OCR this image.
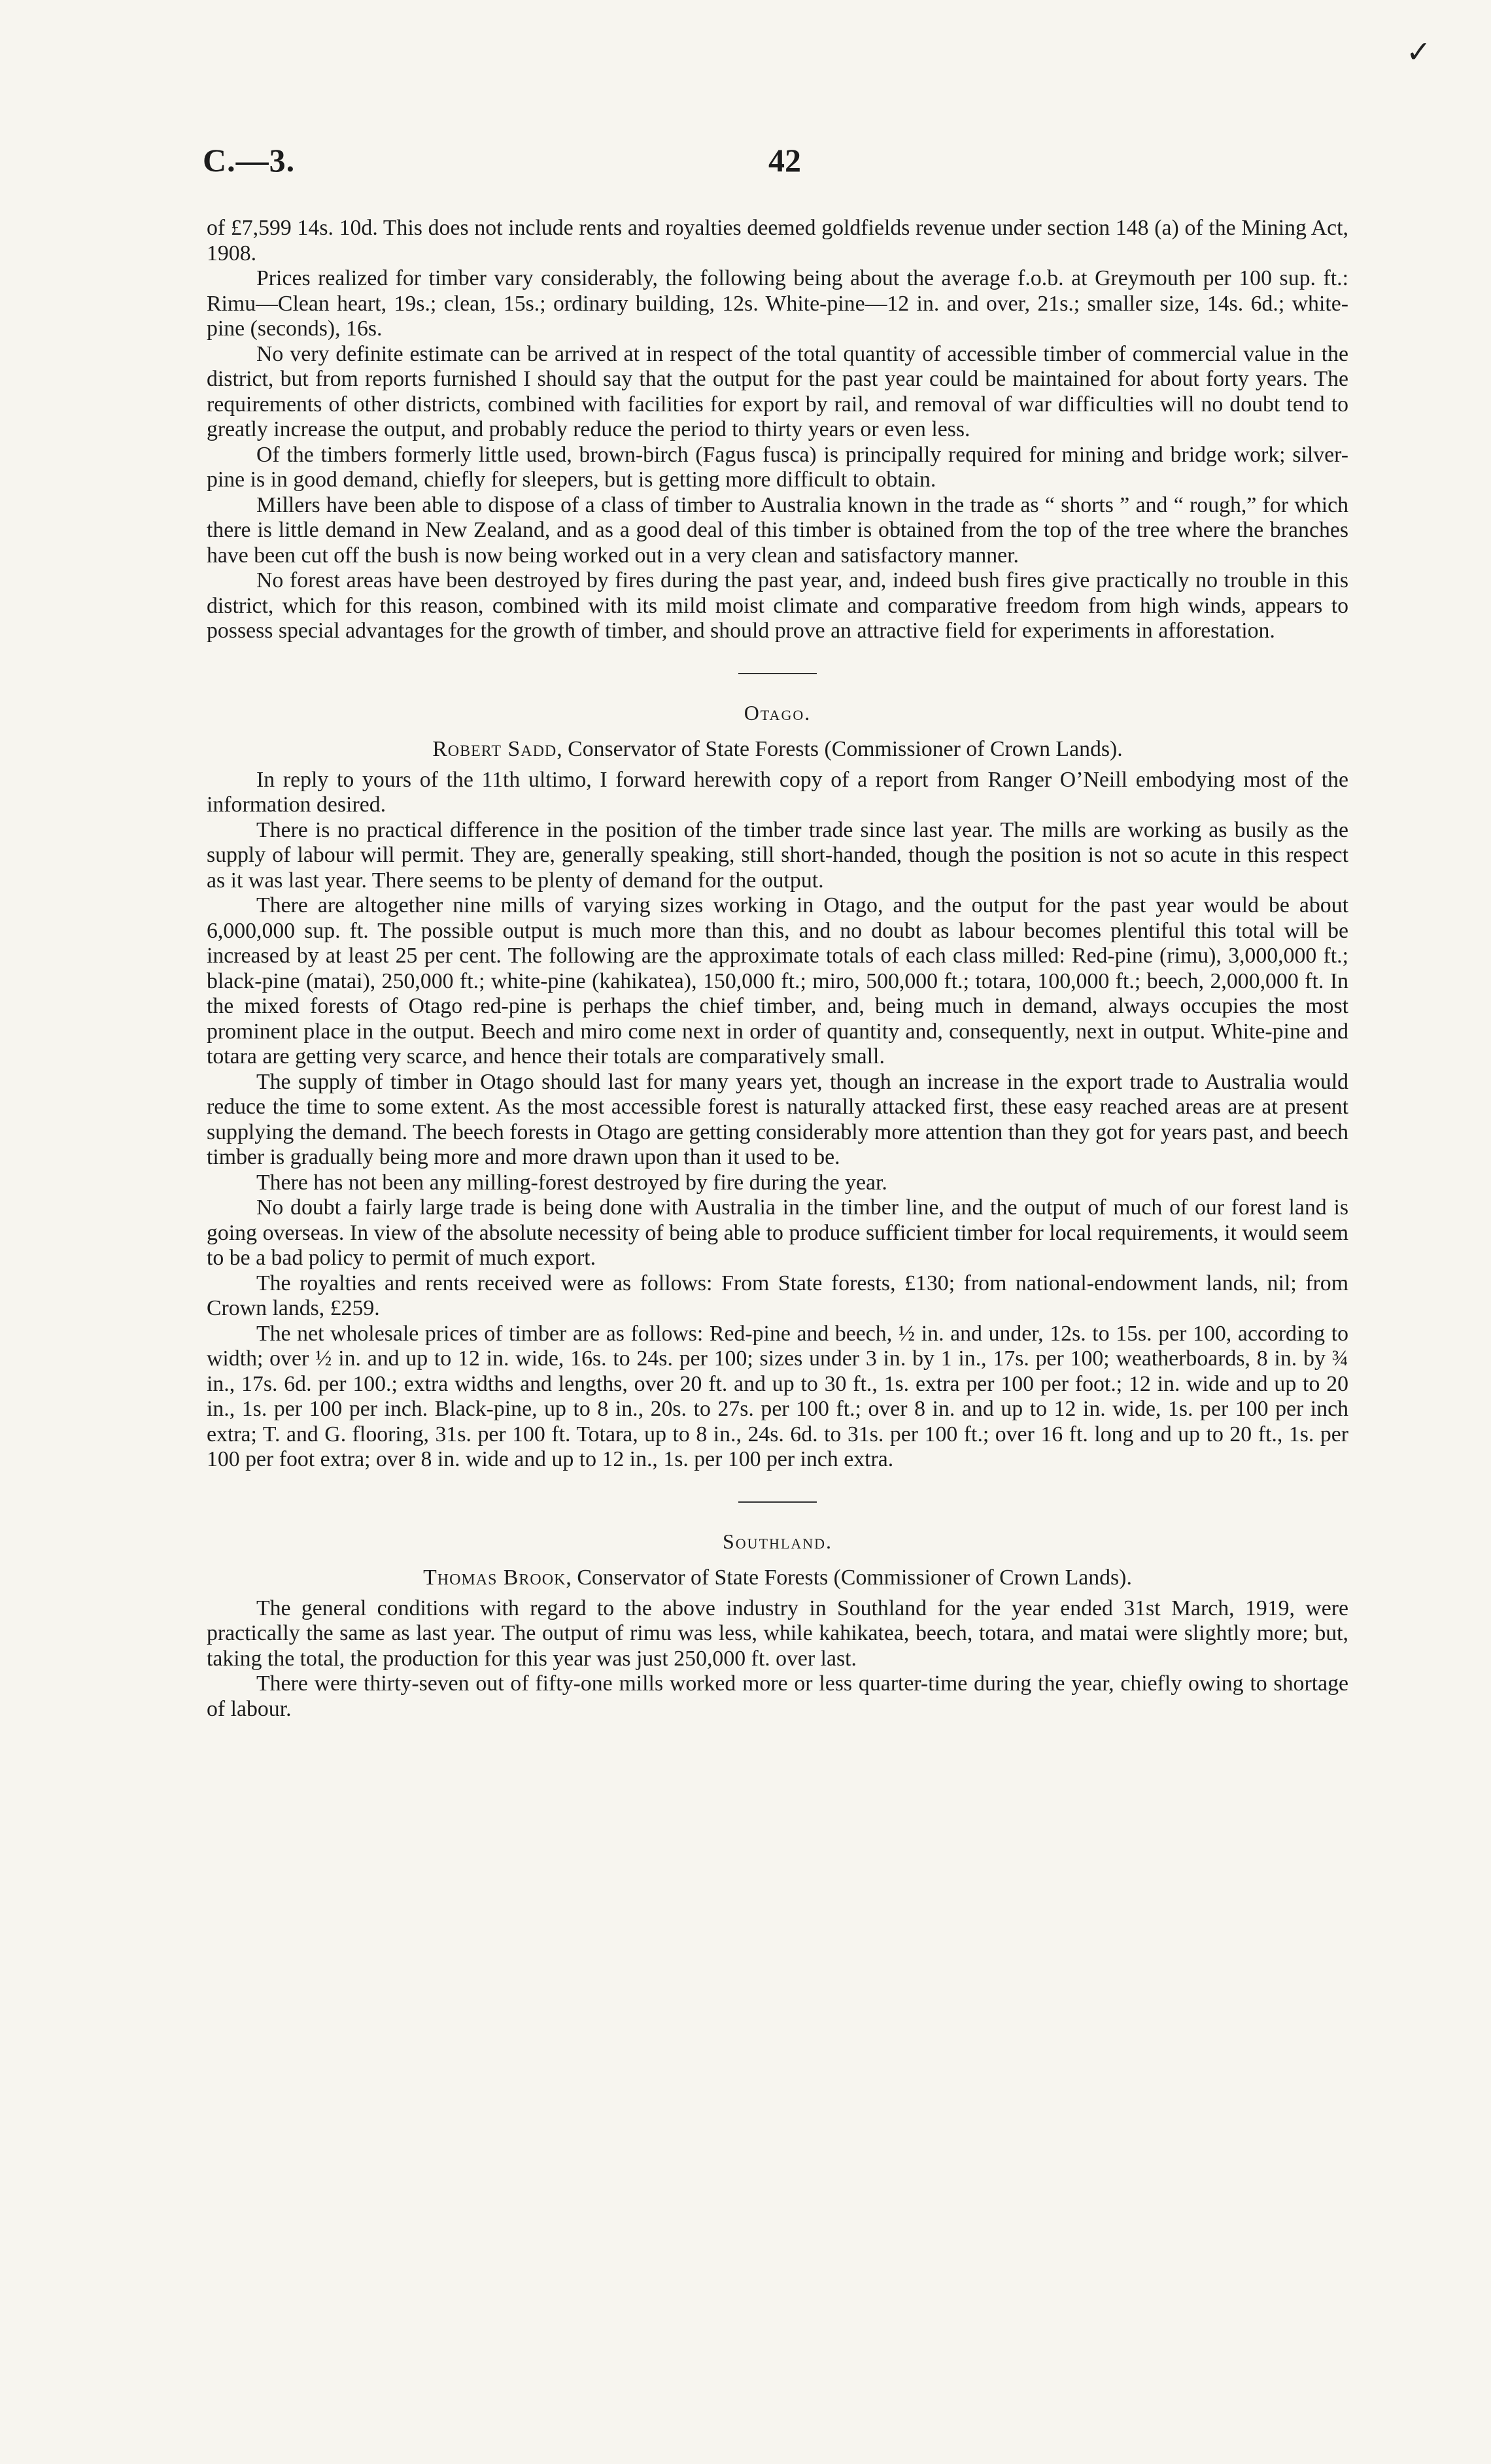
✓
C.—3.	42

of £7,599 14s. 10d. This does not include rents and royalties deemed goldfields revenue under section 148 (a) of the Mining Act, 1908.

Prices realized for timber vary considerably, the following being about the average f.o.b. at Greymouth per 100 sup. ft.: Rimu—Clean heart, 19s.; clean, 15s.; ordinary building, 12s. White-pine—12 in. and over, 21s.; smaller size, 14s. 6d.; white-pine (seconds), 16s.

No very definite estimate can be arrived at in respect of the total quantity of accessible timber of commercial value in the district, but from reports furnished I should say that the output for the past year could be maintained for about forty years. The requirements of other districts, combined with facilities for export by rail, and removal of war difficulties will no doubt tend to greatly increase the output, and probably reduce the period to thirty years or even less.

Of the timbers formerly little used, brown-birch (Fagus fusca) is principally required for mining and bridge work; silver-pine is in good demand, chiefly for sleepers, but is getting more difficult to obtain.

Millers have been able to dispose of a class of timber to Australia known in the trade as “ shorts ” and “ rough,” for which there is little demand in New Zealand, and as a good deal of this timber is obtained from the top of the tree where the branches have been cut off the bush is now being worked out in a very clean and satisfactory manner.

No forest areas have been destroyed by fires during the past year, and, indeed bush fires give practically no trouble in this district, which for this reason, combined with its mild moist climate and comparative freedom from high winds, appears to possess special advantages for the growth of timber, and should prove an attractive field for experiments in afforestation.

Otago.
Robert Sadd, Conservator of State Forests (Commissioner of Crown Lands).

In reply to yours of the 11th ultimo, I forward herewith copy of a report from Ranger O’Neill embodying most of the information desired.

There is no practical difference in the position of the timber trade since last year. The mills are working as busily as the supply of labour will permit. They are, generally speaking, still short-handed, though the position is not so acute in this respect as it was last year. There seems to be plenty of demand for the output.

There are altogether nine mills of varying sizes working in Otago, and the output for the past year would be about 6,000,000 sup. ft. The possible output is much more than this, and no doubt as labour becomes plentiful this total will be increased by at least 25 per cent. The following are the approximate totals of each class milled: Red-pine (rimu), 3,000,000 ft.; black-pine (matai), 250,000 ft.; white-pine (kahikatea), 150,000 ft.; miro, 500,000 ft.; totara, 100,000 ft.; beech, 2,000,000 ft. In the mixed forests of Otago red-pine is perhaps the chief timber, and, being much in demand, always occupies the most prominent place in the output. Beech and miro come next in order of quantity and, consequently, next in output. White-pine and totara are getting very scarce, and hence their totals are comparatively small.

The supply of timber in Otago should last for many years yet, though an increase in the export trade to Australia would reduce the time to some extent. As the most accessible forest is naturally attacked first, these easy reached areas are at present supplying the demand. The beech forests in Otago are getting considerably more attention than they got for years past, and beech timber is gradually being more and more drawn upon than it used to be.

There has not been any milling-forest destroyed by fire during the year.

No doubt a fairly large trade is being done with Australia in the timber line, and the output of much of our forest land is going overseas. In view of the absolute necessity of being able to produce sufficient timber for local requirements, it would seem to be a bad policy to permit of much export.

The royalties and rents received were as follows: From State forests, £130; from national-endowment lands, nil; from Crown lands, £259.

The net wholesale prices of timber are as follows: Red-pine and beech, ½ in. and under, 12s. to 15s. per 100, according to width; over ½ in. and up to 12 in. wide, 16s. to 24s. per 100; sizes under 3 in. by 1 in., 17s. per 100; weatherboards, 8 in. by ¾ in., 17s. 6d. per 100.; extra widths and lengths, over 20 ft. and up to 30 ft., 1s. extra per 100 per foot.; 12 in. wide and up to 20 in., 1s. per 100 per inch. Black-pine, up to 8 in., 20s. to 27s. per 100 ft.; over 8 in. and up to 12 in. wide, 1s. per 100 per inch extra; T. and G. flooring, 31s. per 100 ft. Totara, up to 8 in., 24s. 6d. to 31s. per 100 ft.; over 16 ft. long and up to 20 ft., 1s. per 100 per foot extra; over 8 in. wide and up to 12 in., 1s. per 100 per inch extra.

Southland.
Thomas Brook, Conservator of State Forests (Commissioner of Crown Lands).

The general conditions with regard to the above industry in Southland for the year ended 31st March, 1919, were practically the same as last year. The output of rimu was less, while kahikatea, beech, totara, and matai were slightly more; but, taking the total, the production for this year was just 250,000 ft. over last.

There were thirty-seven out of fifty-one mills worked more or less quarter-time during the year, chiefly owing to shortage of labour.
